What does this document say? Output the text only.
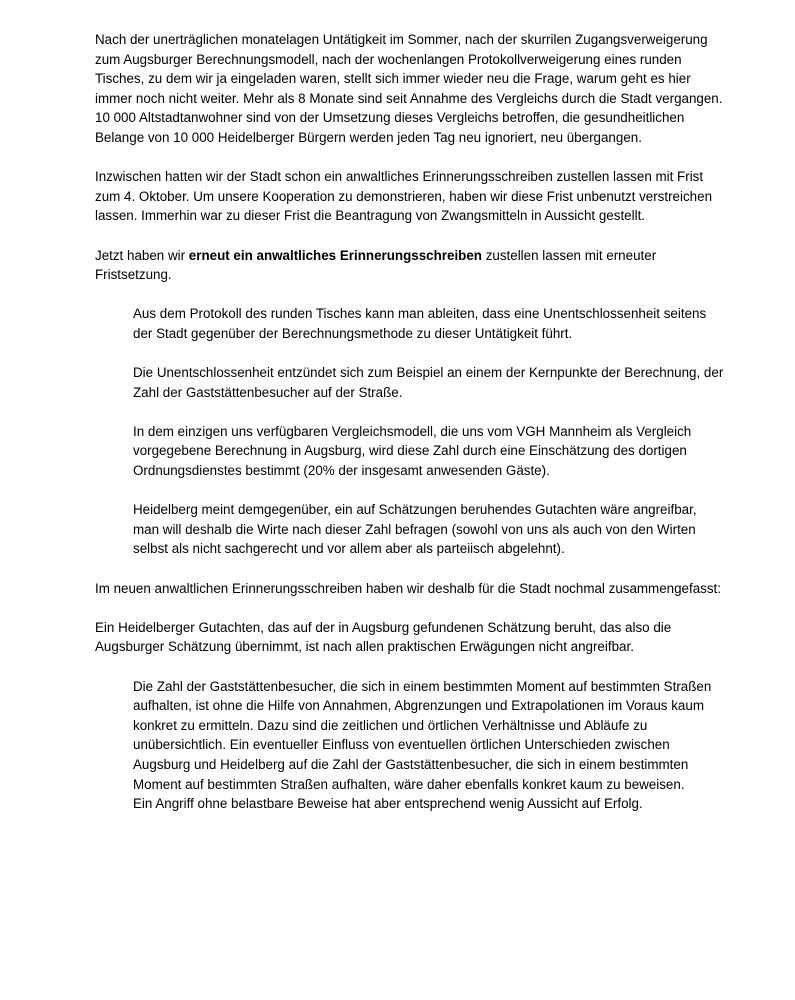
Nach der unerträglichen monatelagen Untätigkeit im Sommer, nach der skurrilen Zugangsverweigerung zum Augsburger Berechnungsmodell, nach der wochenlangen Protokollverweigerung eines runden Tisches, zu dem wir ja eingeladen waren, stellt sich immer wieder neu die Frage, warum geht es hier immer noch nicht weiter. Mehr als 8 Monate sind seit Annahme des Vergleichs durch die Stadt vergangen. 10 000 Altstadtanwohner sind von der Umsetzung dieses Vergleichs betroffen, die gesundheitlichen Belange von 10 000 Heidelberger Bürgern werden jeden Tag neu ignoriert, neu übergangen.

Inzwischen hatten wir der Stadt schon ein anwaltliches Erinnerungsschreiben zustellen lassen mit Frist zum 4. Oktober. Um unsere Kooperation zu demonstrieren, haben wir diese Frist unbenutzt verstreichen lassen. Immerhin war zu dieser Frist die Beantragung von Zwangsmitteln in Aussicht gestellt.

Jetzt haben wir erneut ein anwaltliches Erinnerungsschreiben zustellen lassen mit erneuter Fristsetzung.

Aus dem Protokoll des runden Tisches kann man ableiten, dass eine Unentschlossenheit seitens der Stadt gegenüber der Berechnungsmethode zu dieser Untätigkeit führt.

Die Unentschlossenheit entzündet sich zum Beispiel an einem der Kernpunkte der Berechnung, der Zahl der Gaststättenbesucher auf der Straße.

In dem einzigen uns verfügbaren Vergleichsmodell, die uns vom VGH Mannheim als Vergleich vorgegebene Berechnung in Augsburg, wird diese Zahl durch eine Einschätzung des dortigen Ordnungsdienstes bestimmt (20% der insgesamt anwesenden Gäste).

Heidelberg meint demgegenüber, ein auf Schätzungen beruhendes Gutachten wäre angreifbar, man will deshalb die Wirte nach dieser Zahl befragen (sowohl von uns als auch von den Wirten selbst als nicht sachgerecht und vor allem aber als parteiisch abgelehnt).

Im neuen anwaltlichen Erinnerungsschreiben haben wir deshalb für die Stadt nochmal zusammengefasst:

Ein Heidelberger Gutachten, das auf der in Augsburg gefundenen Schätzung beruht, das also die Augsburger Schätzung übernimmt, ist nach allen praktischen Erwägungen nicht angreifbar.

Die Zahl der Gaststättenbesucher, die sich in einem bestimmten Moment auf bestimmten Straßen aufhalten, ist ohne die Hilfe von Annahmen, Abgrenzungen und Extrapolationen im Voraus kaum konkret zu ermitteln. Dazu sind die zeitlichen und örtlichen Verhältnisse und Abläufe zu unübersichtlich. Ein eventueller Einfluss von eventuellen örtlichen Unterschieden zwischen Augsburg und Heidelberg auf die Zahl der Gaststättenbesucher, die sich in einem bestimmten Moment auf bestimmten Straßen aufhalten, wäre daher ebenfalls konkret kaum zu beweisen.

Ein Angriff ohne belastbare Beweise hat aber entsprechend wenig Aussicht auf Erfolg.
